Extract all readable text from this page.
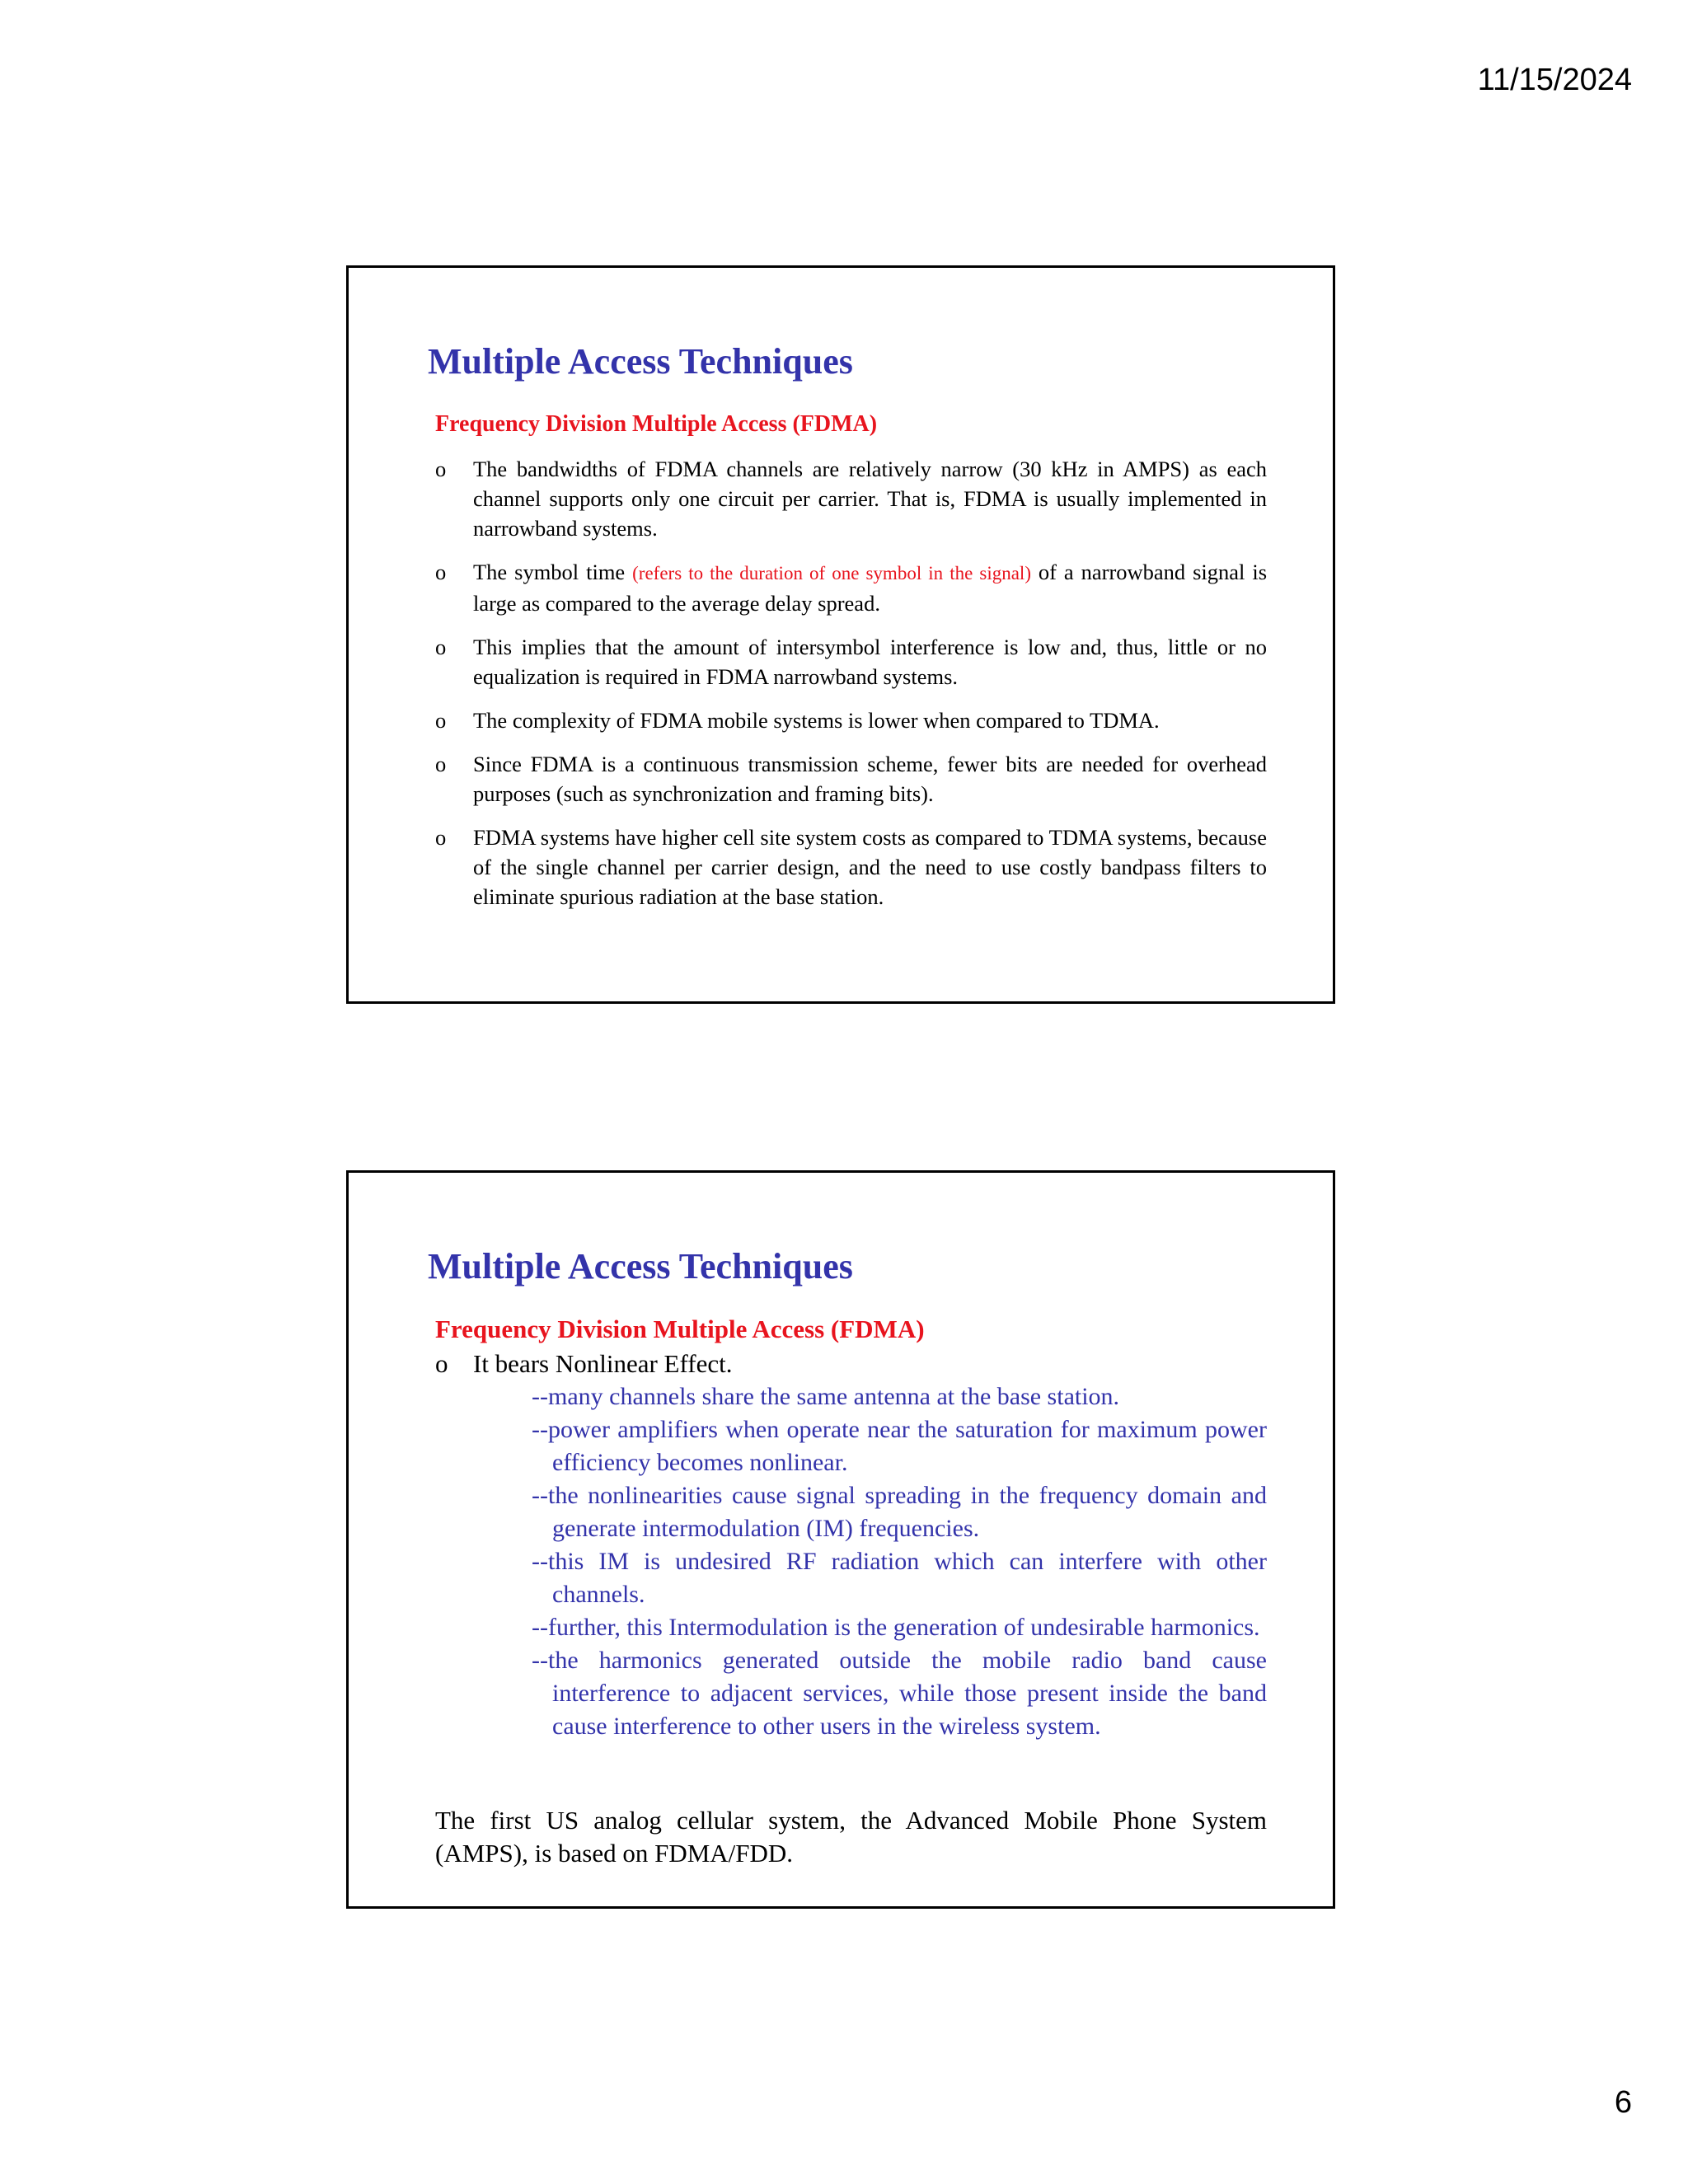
11/15/2024
Multiple Access Techniques
Frequency Division Multiple Access (FDMA)
o The bandwidths of FDMA channels are relatively narrow (30 kHz in AMPS) as each channel supports only one circuit per carrier. That is, FDMA is usually implemented in narrowband systems.
o The symbol time (refers to the duration of one symbol in the signal) of a narrowband signal is large as compared to the average delay spread.
o This implies that the amount of intersymbol interference is low and, thus, little or no equalization is required in FDMA narrowband systems.
o The complexity of FDMA mobile systems is lower when compared to TDMA.
o Since FDMA is a continuous transmission scheme, fewer bits are needed for overhead purposes (such as synchronization and framing bits).
o FDMA systems have higher cell site system costs as compared to TDMA systems, because of the single channel per carrier design, and the need to use costly bandpass filters to eliminate spurious radiation at the base station.
Multiple Access Techniques
Frequency Division Multiple Access (FDMA)
o It bears Nonlinear Effect.
--many channels share the same antenna at the base station.
--power amplifiers when operate near the saturation for maximum power efficiency becomes nonlinear.
--the nonlinearities cause signal spreading in the frequency domain and generate intermodulation (IM) frequencies.
--this IM is undesired RF radiation which can interfere with other channels.
--further, this Intermodulation is the generation of undesirable harmonics.
--the harmonics generated outside the mobile radio band cause interference to adjacent services, while those present inside the band cause interference to other users in the wireless system.
The first US analog cellular system, the Advanced Mobile Phone System (AMPS), is based on FDMA/FDD.
6
